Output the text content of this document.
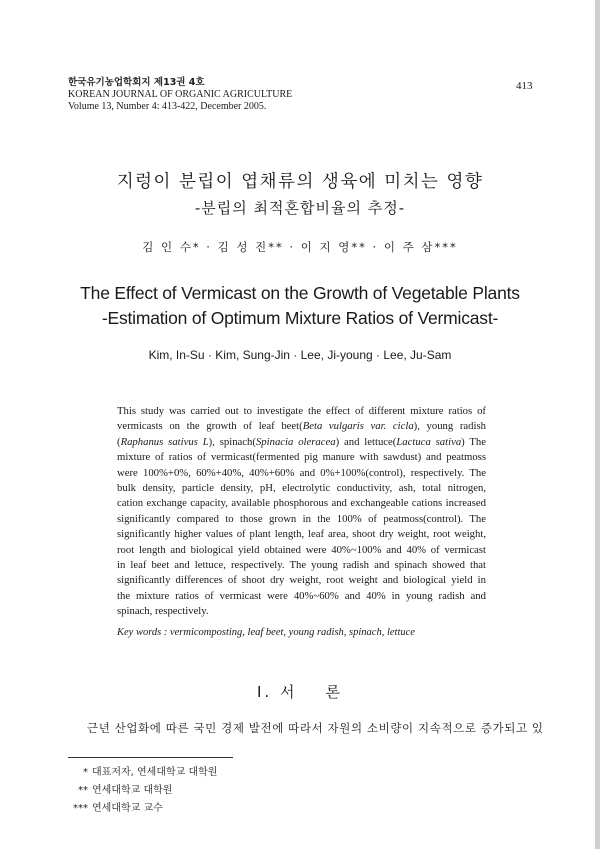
한국유기농업학회지 제13권 4호
KOREAN JOURNAL OF ORGANIC AGRICULTURE
Volume 13, Number 4: 413-422, December 2005.
413
지렁이 분립이 엽채류의 생육에 미치는 영향
-분립의 최적혼합비율의 추정-
김 인 수* · 김 성 진** · 이 지 영** · 이 주 삼***
The Effect of Vermicast on the Growth of Vegetable Plants
-Estimation of Optimum Mixture Ratios of Vermicast-
Kim, In-Su · Kim, Sung-Jin · Lee, Ji-young · Lee, Ju-Sam
This study was carried out to investigate the effect of different mixture ratios of
vermicasts on the growth of leaf beet(Beta vulgaris var. cicla), young radish
(Raphanus sativus L), spinach(Spinacia oleracea) and lettuce(Lactuca sativa) The
mixture of ratios of vermicast(fermented pig manure with sawdust) and peatmoss
were 100%+0%, 60%+40%, 40%+60% and 0%+100%(control), respectively. The
bulk density, particle density, pH, electrolytic conductivity, ash, total nitrogen,
cation exchange capacity, available phosphorous and exchangeable cations increased
significantly compared to those grown in the 100% of peatmoss(control). The
significantly higher values of plant length, leaf area, shoot dry weight, root weight,
root length and biological yield obtained were 40%~100% and 40% of vermicast
in leaf beet and lettuce, respectively. The young radish and spinach showed that
significantly differences of shoot dry weight, root weight and biological yield in
the mixture ratios of vermicast were 40%~60% and 40% in young radish and
spinach, respectively.
Key words : vermicomposting, leaf beet, young radish, spinach, lettuce
Ⅰ. 서 론
근년 산업화에 따른 국민 경제 발전에 따라서 자원의 소비량이 지속적으로 증가되고 있
* 대표저자, 연세대학교 대학원
** 연세대학교 대학원
*** 연세대학교 교수
